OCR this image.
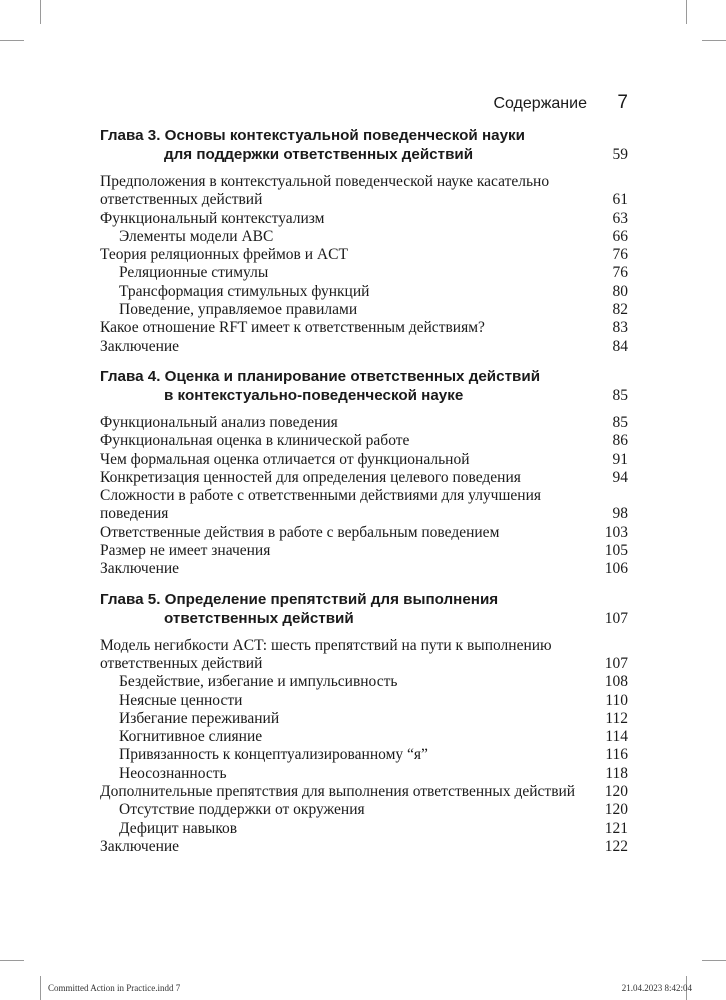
Содержание 7
Глава 3. Основы контекстуальной поведенческой науки
для поддержки ответственных действий	59
Предположения в контекстуальной поведенческой науке касательно ответственных действий	61
Функциональный контекстуализм	63
Элементы модели ABC	66
Теория реляционных фреймов и ACT	76
Реляционные стимулы	76
Трансформация стимульных функций	80
Поведение, управляемое правилами	82
Какое отношение RFT имеет к ответственным действиям?	83
Заключение	84
Глава 4. Оценка и планирование ответственных действий
в контекстуально-поведенческой науке	85
Функциональный анализ поведения	85
Функциональная оценка в клинической работе	86
Чем формальная оценка отличается от функциональной	91
Конкретизация ценностей для определения целевого поведения	94
Сложности в работе с ответственными действиями для улучшения поведения	98
Ответственные действия в работе с вербальным поведением	103
Размер не имеет значения	105
Заключение	106
Глава 5. Определение препятствий для выполнения
ответственных действий	107
Модель негибкости ACT: шесть препятствий на пути к выполнению ответственных действий	107
Бездействие, избегание и импульсивность	108
Неясные ценности	110
Избегание переживаний	112
Когнитивное слияние	114
Привязанность к концептуализированному “я”	116
Неосознанность	118
Дополнительные препятствия для выполнения ответственных действий 120
Отсутствие поддержки от окружения	120
Дефицит навыков	121
Заключение	122
Committed Action in Practice.indd 7	21.04.2023 8:42:04
